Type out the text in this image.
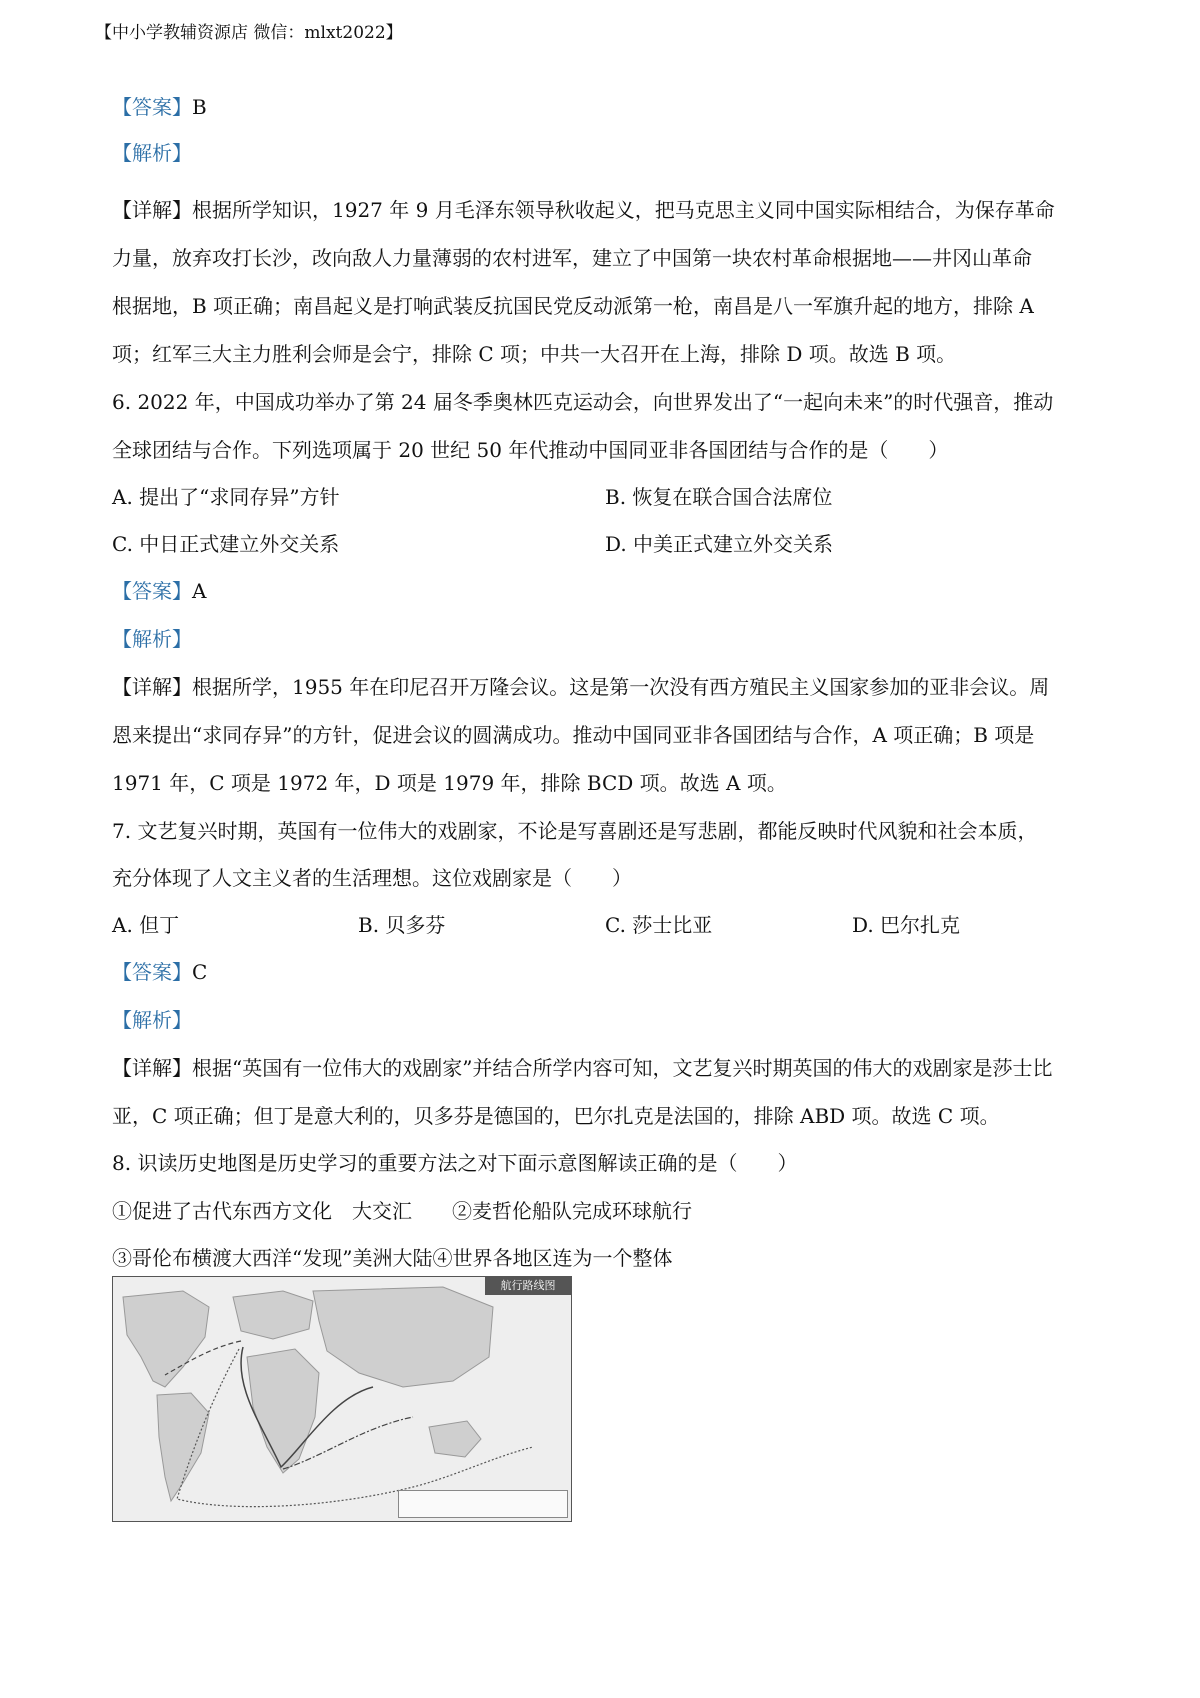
【中小学教辅资源店 微信：mlxt2022】
【答案】B
【解析】
【详解】根据所学知识，1927 年 9 月毛泽东领导秋收起义，把马克思主义同中国实际相结合，为保存革命
力量，放弃攻打长沙，改向敌人力量薄弱的农村进军，建立了中国第一块农村革命根据地——井冈山革命
根据地，B 项正确；南昌起义是打响武装反抗国民党反动派第一枪，南昌是八一军旗升起的地方，排除 A
项；红军三大主力胜利会师是会宁，排除 C 项；中共一大召开在上海，排除 D 项。故选 B 项。
6. 2022 年，中国成功举办了第 24 届冬季奥林匹克运动会，向世界发出了“一起向未来”的时代强音，推动
全球团结与合作。下列选项属于 20 世纪 50 年代推动中国同亚非各国团结与合作的是（　　）
A. 提出了“求同存异”方针	B. 恢复在联合国合法席位
C. 中日正式建立外交关系	D. 中美正式建立外交关系
【答案】A
【解析】
【详解】根据所学，1955 年在印尼召开万隆会议。这是第一次没有西方殖民主义国家参加的亚非会议。周
恩来提出“求同存异”的方针，促进会议的圆满成功。推动中国同亚非各国团结与合作，A 项正确；B 项是
1971 年，C 项是 1972 年，D 项是 1979 年，排除 BCD 项。故选 A 项。
7. 文艺复兴时期，英国有一位伟大的戏剧家，不论是写喜剧还是写悲剧，都能反映时代风貌和社会本质，
充分体现了人文主义者的生活理想。这位戏剧家是（　　）
A. 但丁	B. 贝多芬	C. 莎士比亚	D. 巴尔扎克
【答案】C
【解析】
【详解】根据“英国有一位伟大的戏剧家”并结合所学内容可知，文艺复兴时期英国的伟大的戏剧家是莎士比
亚，C 项正确；但丁是意大利的，贝多芬是德国的，巴尔扎克是法国的，排除 ABD 项。故选 C 项。
8. 识读历史地图是历史学习的重要方法之对下面示意图解读正确的是（　　）
①促进了古代东西方文化　大交汇　　②麦哲伦船队完成环球航行
③哥伦布横渡大西洋“发现”美洲大陆④世界各地区连为一个整体
航行路线图
